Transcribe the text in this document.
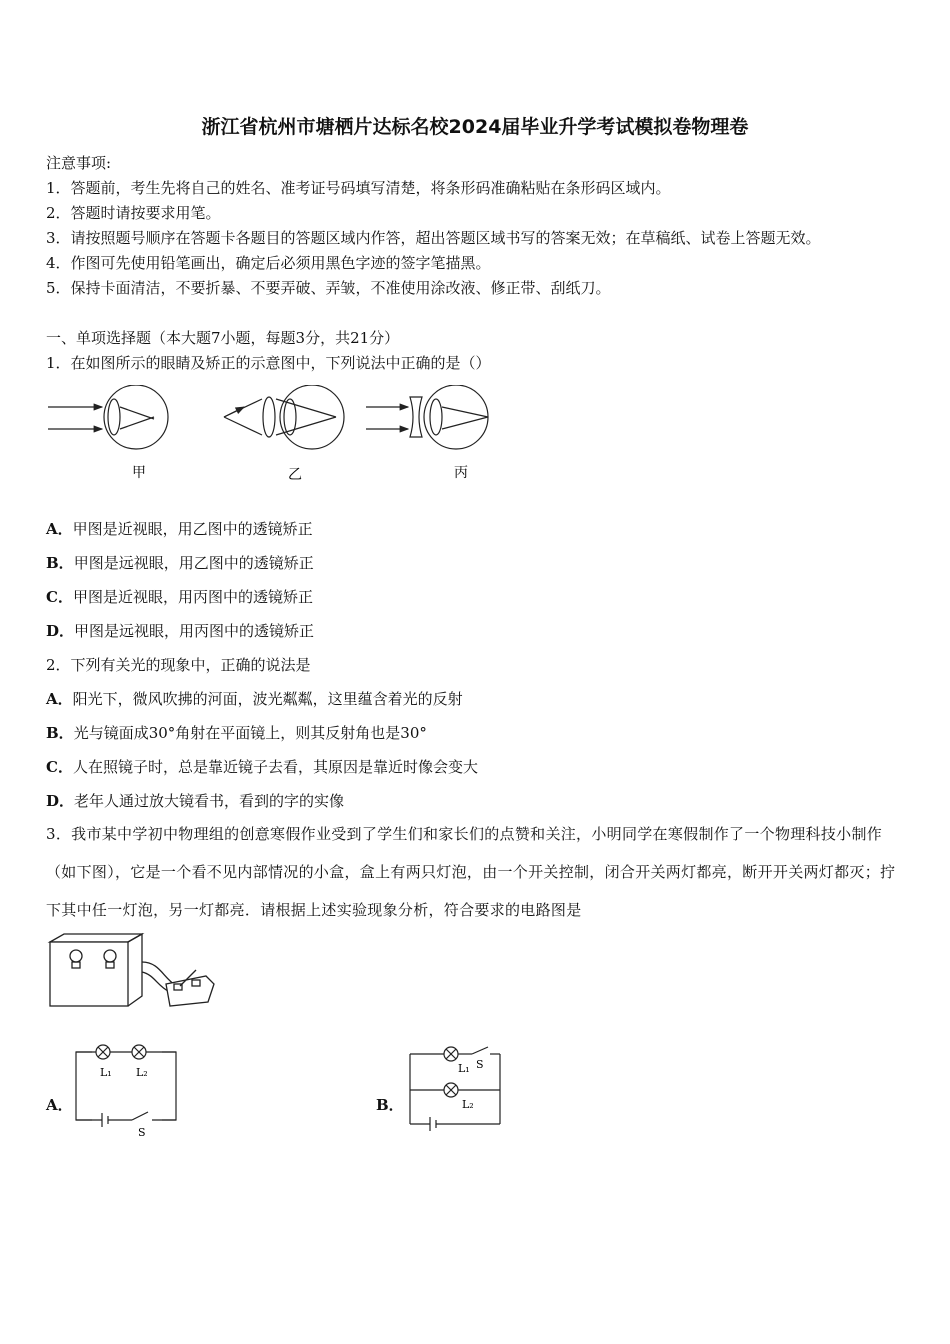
浙江省杭州市塘栖片达标名校2024届毕业升学考试模拟卷物理卷
注意事项:
1．答题前，考生先将自己的姓名、准考证号码填写清楚，将条形码准确粘贴在条形码区域内。
2．答题时请按要求用笔。
3．请按照题号顺序在答题卡各题目的答题区域内作答，超出答题区域书写的答案无效；在草稿纸、试卷上答题无效。
4．作图可先使用铅笔画出，确定后必须用黑色字迹的签字笔描黑。
5．保持卡面清洁，不要折暴、不要弄破、弄皱，不准使用涂改液、修正带、刮纸刀。
一、单项选择题（本大题7小题，每题3分，共21分）
1．在如图所示的眼睛及矫正的示意图中，下列说法中正确的是（）
甲	乙	丙
A．甲图是近视眼，用乙图中的透镜矫正
B．甲图是远视眼，用乙图中的透镜矫正
C．甲图是近视眼，用丙图中的透镜矫正
D．甲图是远视眼，用丙图中的透镜矫正
2．下列有关光的现象中，正确的说法是
A．阳光下，微风吹拂的河面，波光粼粼，这里蕴含着光的反射
B．光与镜面成30°角射在平面镜上，则其反射角也是30°
C．人在照镜子时，总是靠近镜子去看，其原因是靠近时像会变大
D．老年人通过放大镜看书，看到的字的实像
3．我市某中学初中物理组的创意寒假作业受到了学生们和家长们的点赞和关注，小明同学在寒假制作了一个物理科技小制作（如下图），它是一个看不见内部情况的小盒，盒上有两只灯泡，由一个开关控制，闭合开关两灯都亮，断开开关两灯都灭；拧下其中任一灯泡，另一灯都亮．请根据上述实验现象分析，符合要求的电路图是
A．
L₁ L₂
S
B．
L₁ S
L₂
